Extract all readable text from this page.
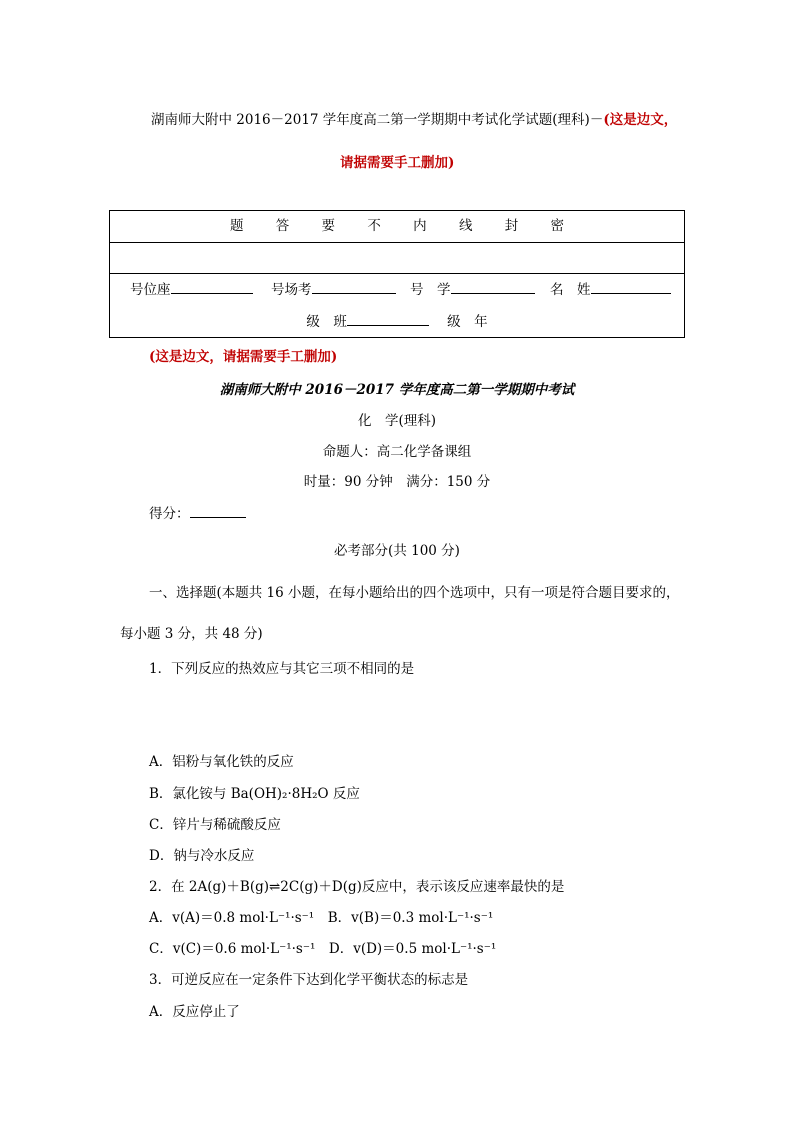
湖南师大附中 2016－2017 学年度高二第一学期期中考试化学试题(理科)－(这是边文，
请据需要手工删加)
题 答 要 不 内 线 封 密
号位座	号场考	号　学	名　姓
级　班	级　年
(这是边文，请据需要手工删加)
湖南师大附中 2016－2017 学年度高二第一学期期中考试
化　学(理科)
命题人：高二化学备课组
时量：90 分钟　满分：150 分
得分：
必考部分(共 100 分)
一、选择题(本题共 16 小题，在每小题给出的四个选项中，只有一项是符合题目要求的，
每小题 3 分，共 48 分)
1．下列反应的热效应与其它三项不相同的是
A．铝粉与氧化铁的反应
B．氯化铵与 Ba(OH)₂·8H₂O 反应
C．锌片与稀硫酸反应
D．钠与冷水反应
2．在 2A(g)＋B(g)⇌2C(g)＋D(g)反应中，表示该反应速率最快的是
A．v(A)＝0.8 mol·L⁻¹·s⁻¹　B．v(B)＝0.3 mol·L⁻¹·s⁻¹
C．v(C)＝0.6 mol·L⁻¹·s⁻¹　D．v(D)＝0.5 mol·L⁻¹·s⁻¹
3．可逆反应在一定条件下达到化学平衡状态的标志是
A．反应停止了
